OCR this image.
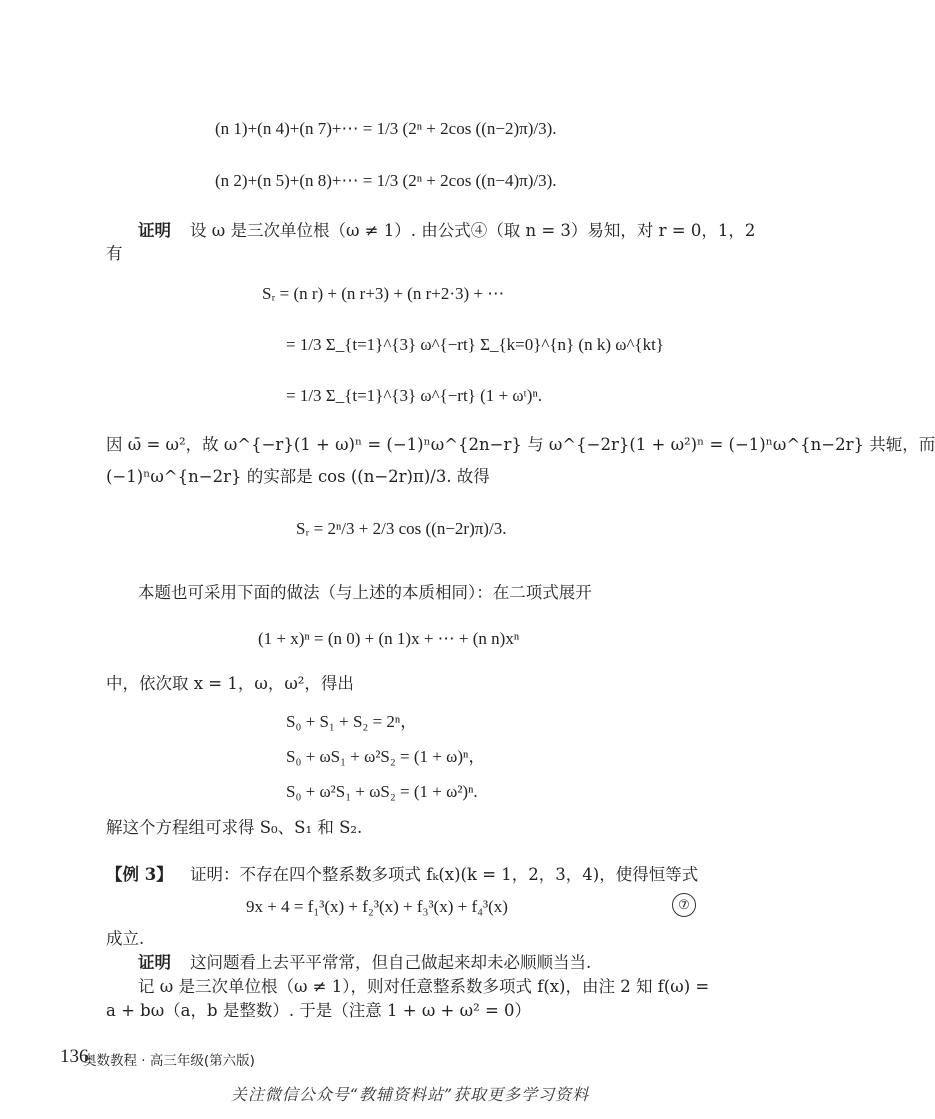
(n 1)+(n 4)+(n 7)+⋯ = 1/3 (2ⁿ + 2cos ((n−2)π)/3).
(n 2)+(n 5)+(n 8)+⋯ = 1/3 (2ⁿ + 2cos ((n−4)π)/3).
证明 设 ω 是三次单位根（ω ≠ 1）. 由公式④（取 n = 3）易知，对 r = 0，1，2
有
Sᵣ = (n r) + (n r+3) + (n r+2·3) + ⋯
= 1/3 Σ_{t=1}^{3} ω^{−rt} Σ_{k=0}^{n} (n k) ω^{kt}
= 1/3 Σ_{t=1}^{3} ω^{−rt} (1 + ωᵗ)ⁿ.
因 ω̄ = ω²，故 ω^{−r}(1 + ω)ⁿ = (−1)ⁿω^{2n−r} 与 ω^{−2r}(1 + ω²)ⁿ = (−1)ⁿω^{n−2r} 共轭，而
(−1)ⁿω^{n−2r} 的实部是 cos ((n−2r)π)/3. 故得
Sᵣ = 2ⁿ/3 + 2/3 cos ((n−2r)π)/3.
本题也可采用下面的做法（与上述的本质相同）：在二项式展开
(1 + x)ⁿ = (n 0) + (n 1)x + ⋯ + (n n)xⁿ
中，依次取 x = 1，ω，ω²，得出
S₀ + S₁ + S₂ = 2ⁿ，
S₀ + ωS₁ + ω²S₂ = (1 + ω)ⁿ，
S₀ + ω²S₁ + ωS₂ = (1 + ω²)ⁿ.
解这个方程组可求得 S₀、S₁ 和 S₂.
【例 3】 证明：不存在四个整系数多项式 fₖ(x)(k = 1，2，3，4)，使得恒等式
9x + 4 = f₁³(x) + f₂³(x) + f₃³(x) + f₄³(x)	⑦
成立.
证明 这问题看上去平平常常，但自己做起来却未必顺顺当当.
记 ω 是三次单位根（ω ≠ 1），则对任意整系数多项式 f(x)，由注 2 知 f(ω) =
a + bω（a，b 是整数）. 于是（注意 1 + ω + ω² = 0）
136
奥数教程 · 高三年级(第六版)
关注微信公众号“教辅资料站”获取更多学习资料
